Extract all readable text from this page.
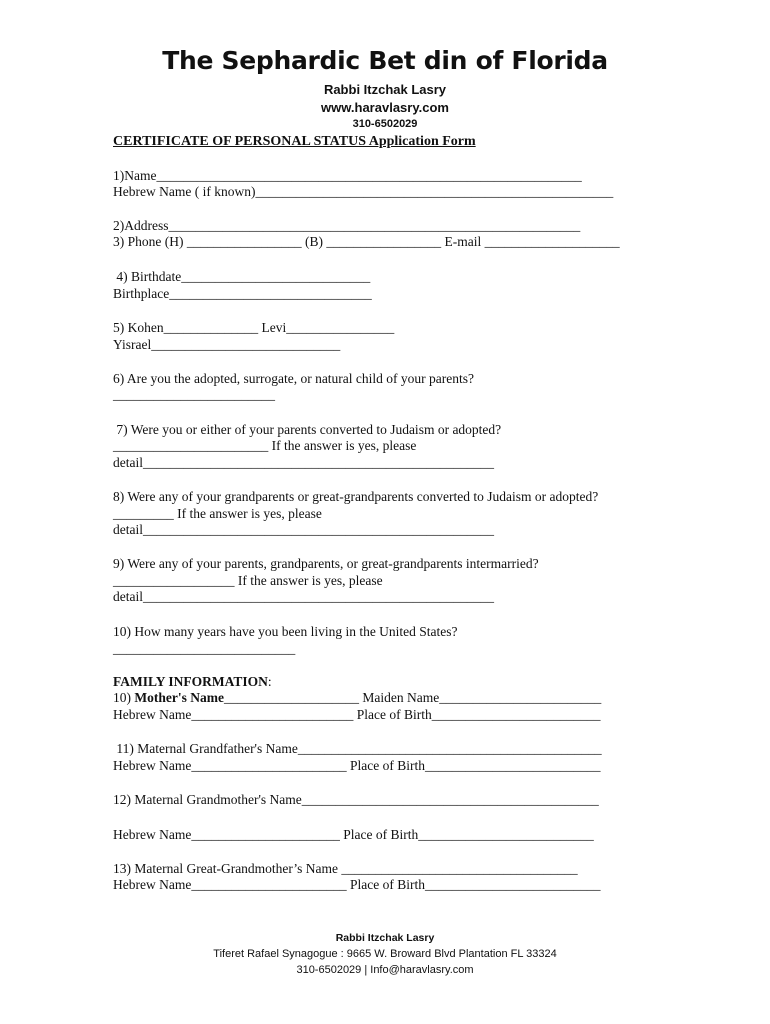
The Sephardic Bet din of Florida
Rabbi Itzchak Lasry
www.haravlasry.com
310-6502029
CERTIFICATE OF PERSONAL STATUS Application Form
1)Name_______________________________________________________________
Hebrew Name ( if known)_____________________________________________________
2)Address_____________________________________________________________
3) Phone (H) _________________ (B) _________________ E-mail ____________________
4) Birthdate____________________________
Birthplace______________________________
5) Kohen______________ Levi________________
Yisrael____________________________
6) Are you the adopted, surrogate, or natural child of your parents?
________________________
7) Were you or either of your parents converted to Judaism or adopted?
_______________________ If the answer is yes, please
detail____________________________________________________
8) Were any of your grandparents or great-grandparents converted to Judaism or adopted?
_________ If the answer is yes, please
detail____________________________________________________
9) Were any of your parents, grandparents, or great-grandparents intermarried?
__________________ If the answer is yes, please
detail____________________________________________________
10) How many years have you been living in the United States?
___________________________
FAMILY INFORMATION:
10) Mother's Name____________________ Maiden Name________________________
Hebrew Name________________________ Place of Birth_________________________
11) Maternal Grandfather's Name_____________________________________________
Hebrew Name_______________________ Place of Birth__________________________
12) Maternal Grandmother's Name____________________________________________
Hebrew Name______________________ Place of Birth__________________________
13) Maternal Great-Grandmother’s Name ___________________________________
Hebrew Name_______________________ Place of Birth__________________________
Rabbi Itzchak Lasry
Tiferet Rafael Synagogue : 9665 W. Broward Blvd Plantation FL 33324
310-6502029 | Info@haravlasry.com
